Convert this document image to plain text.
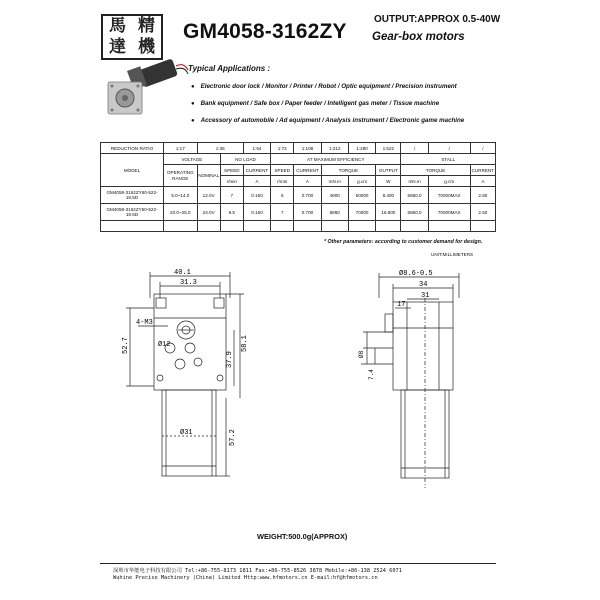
馬 精
達 機
GM4058-3162ZY
OUTPUT:APPROX 0.5-40W
Gear-box motors
Typical Applications :
● Electronic door lock / Monitor / Printer / Robot / Optic equipment / Precision instrument
● Bank equipment / Safe box / Paper feeder / Intelligent gas meter / Tissue machine
● Accessory of automobile / Ad equipment / Analysis instrument / Electronic game machine
REDUCTION RATIO	1:17	1:36		1:54	1:72	1:108	1:212	1:280	1:522	/	/	/
MODEL	VOLTAGE		NO LOAD		AT MAXIMUM EFFICIENCY					STALL		
	OPERATING RANGE	NOMINAL	SPEED	CURRENT	SPEED	CURRENT	TORQUE		OUTPUT	TORQUE		CURRENT
			r/min	A	r/min	A	mN.m	g.cm	W	mN.m	g.cm	A
GM4058-3162ZY60-522-19.5D	5.0~14.0	12.0V	7	0.150	6	0.700	4900	50000	8.400	6860.0	70000MAX	2.80
GM4058-3162ZY50-522-19.5D	20.0~25.0	24.0V	9.5	0.160	7	0.700	6860	70000	16.800	6860.0	70000MAX	2.50

* Other parameters: according to customer demand for design.
UNIT:MILLIMETERS
40.1
31.3
4-M3
Ø12
52.7	58.1
37.9
Ø31	57.2
Ø8.6-0.5
34
31
17
Ø8
7.4
WEIGHT:500.0g(APPROX)
深圳市华能电子科技有限公司 Tel:+86-755-8173 1811 Fax:+86-755-8526 3878 Mobile:+86-138 2524 6071
Wuhine Precise Machinery (China) Limited Http:www.hfmotors.cn E-mail:hf@hfmotors.cn
